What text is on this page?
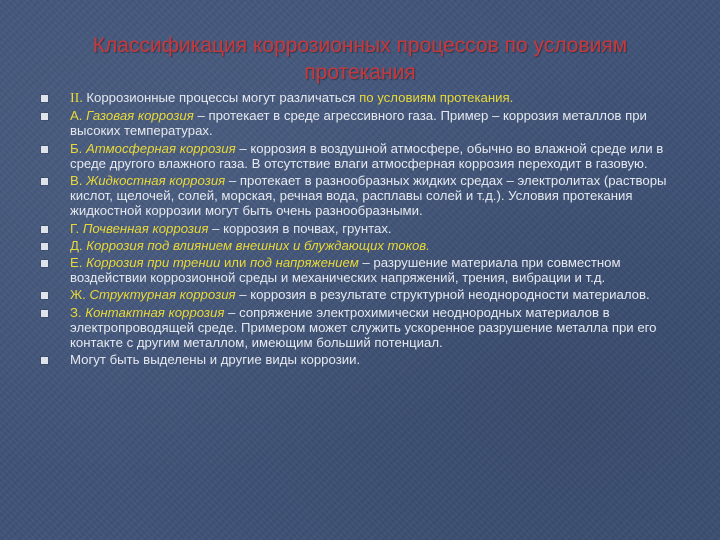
Классификация коррозионных процессов по условиям протекания
II. Коррозионные процессы могут различаться по условиям протекания.
А. Газовая коррозия – протекает в среде агрессивного газа. Пример – коррозия металлов при высоких температурах.
Б. Атмосферная коррозия – коррозия в воздушной атмосфере, обычно во влажной среде или в среде другого влажного газа. В отсутствие влаги атмосферная коррозия переходит в газовую.
В. Жидкостная коррозия – протекает в разнообразных жидких средах – электролитах (растворы кислот, щелочей, солей, морская, речная вода, расплавы солей и т.д.). Условия протекания жидкостной коррозии могут быть очень разнообразными.
Г. Почвенная коррозия – коррозия в почвах, грунтах.
Д. Коррозия под влиянием внешних и блуждающих токов.
Е. Коррозия при трении или под напряжением – разрушение материала при совместном воздействии коррозионной среды и механических напряжений, трения, вибрации и т.д.
Ж. Структурная коррозия – коррозия в результате структурной неоднородности материалов.
З. Контактная коррозия – сопряжение электрохимически неоднородных материалов в электропроводящей среде. Примером может служить ускоренное разрушение металла при его контакте с другим металлом, имеющим больший потенциал.
Могут быть выделены и другие виды коррозии.
